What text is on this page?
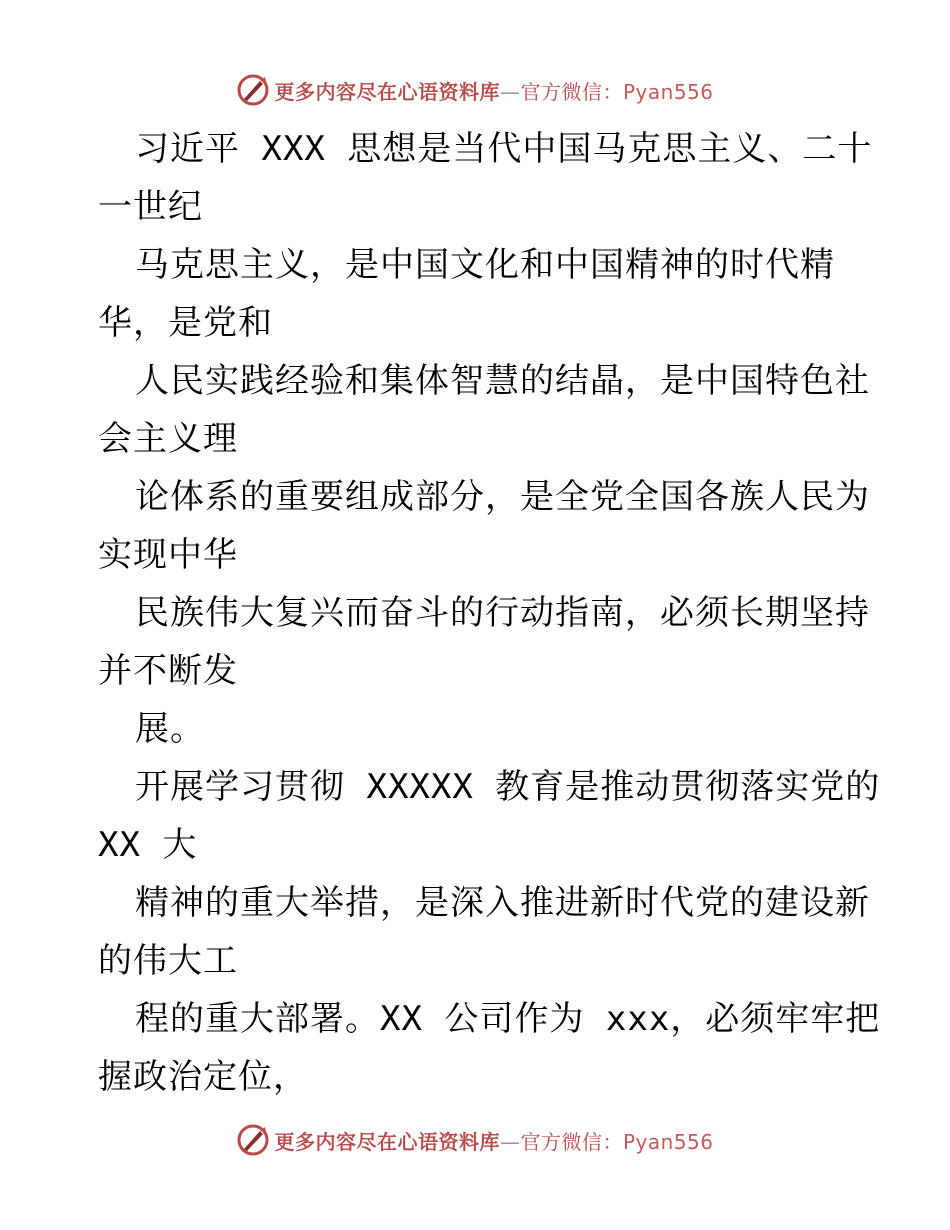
更多内容尽在心语资料库—官方微信：Pyan556
习近平 XXX 思想是当代中国马克思主义、二十
一世纪
马克思主义，是中国文化和中国精神的时代精
华，是党和
人民实践经验和集体智慧的结晶，是中国特色社
会主义理
论体系的重要组成部分，是全党全国各族人民为
实现中华
民族伟大复兴而奋斗的行动指南，必须长期坚持
并不断发
展。
开展学习贯彻 XXXXX 教育是推动贯彻落实党的
XX 大
精神的重大举措，是深入推进新时代党的建设新
的伟大工
程的重大部署。XX 公司作为 xxx，必须牢牢把
握政治定位，
更多内容尽在心语资料库—官方微信：Pyan556
